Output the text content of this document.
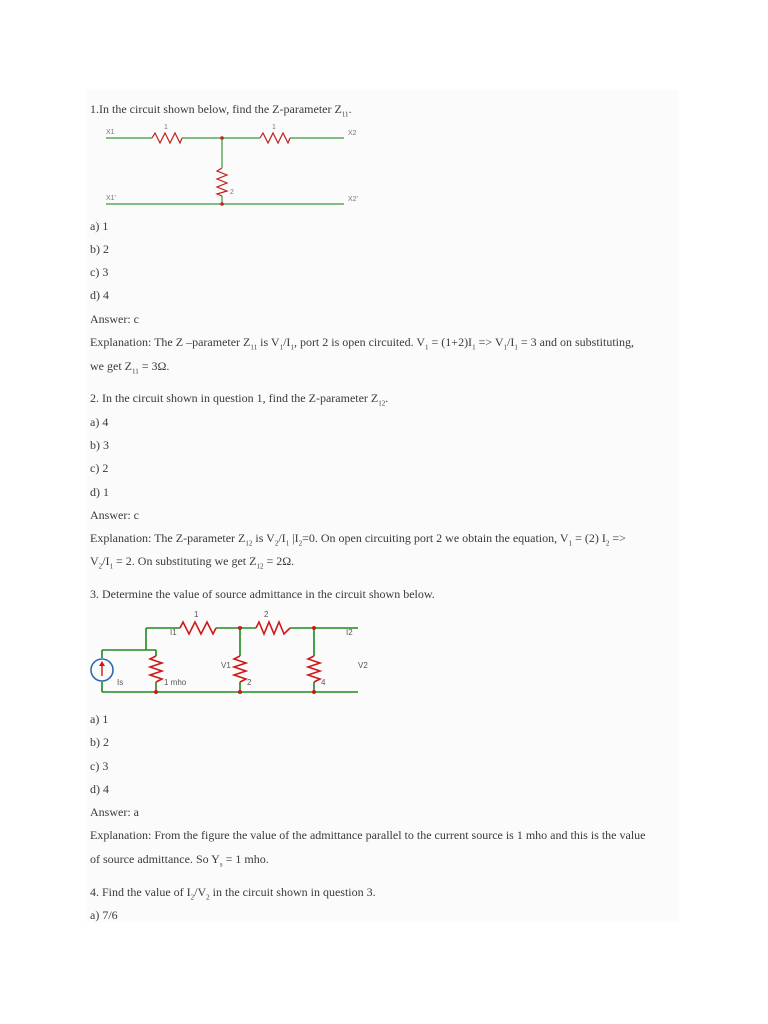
1.In the circuit shown below, find the Z-parameter $Z_{11}$.
X1
X1'
X2
X2'
1	1
2
a) 1
b) 2
c) 3
d) 4
Answer: c
Explanation: The Z –parameter $Z_{11}$ is $V_1/I_1$, port 2 is open circuited. $V_1 = (1+2)I_1 => V_1/I_1 = 3$ and on substituting,
we get $Z_{11} = 3\Omega$.
2. In the circuit shown in question 1, find the Z-parameter $Z_{12}$.
a) 4
b) 3
c) 2
d) 1
Answer: c
Explanation: The Z-parameter $Z_{12}$ is $V_2/I_1$ $|I_2=0$. On open circuiting port 2 we obtain the equation, $V_1 = (2) I_2$ =>
$V_2/I_1 = 2$. On substituting we get $Z_{12} = 2\Omega$.
3. Determine the value of source admittance in the circuit shown below.
1	2
I1	I2
V1	V2
Is	1 mho	2	4
a) 1
b) 2
c) 3
d) 4
Answer: a
Explanation: From the figure the value of the admittance parallel to the current source is 1 mho and this is the value
of source admittance. So $Y_s = 1$ mho.
4. Find the value of $I_2/V_2$ in the circuit shown in question 3.
a) 7/6
